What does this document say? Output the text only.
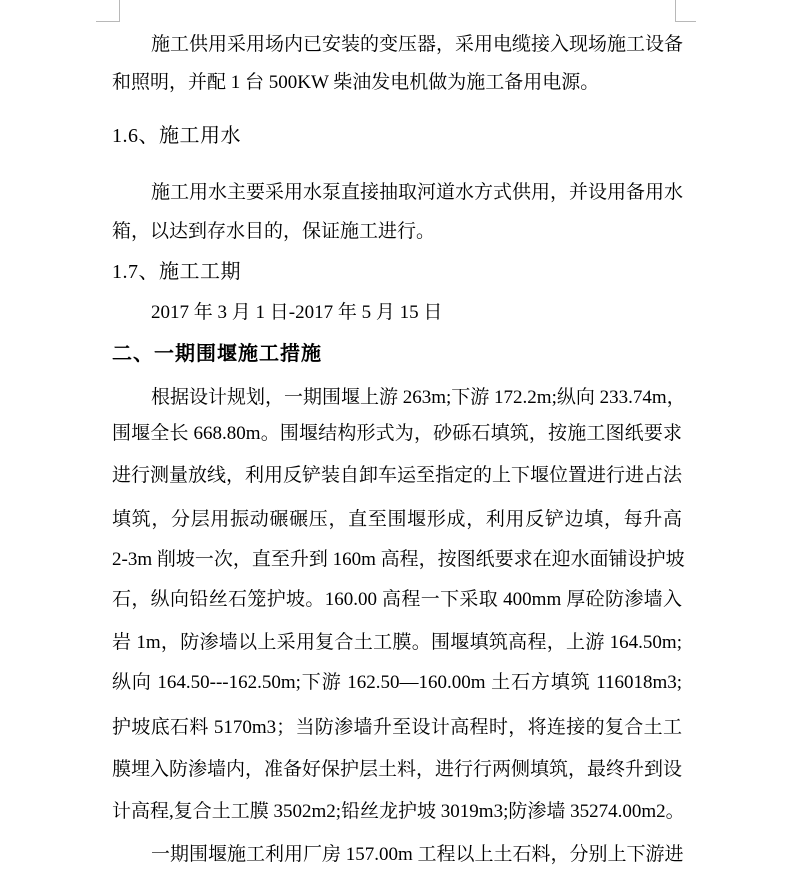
施工供用采用场内已安装的变压器，采用电缆接入现场施工设备
和照明，并配 1 台 500KW 柴油发电机做为施工备用电源。
1.6、施工用水
施工用水主要采用水泵直接抽取河道水方式供用，并设用备用水
箱，以达到存水目的，保证施工进行。
1.7、施工工期
2017 年 3 月 1 日-2017 年 5 月 15 日
二、一期围堰施工措施
根据设计规划，一期围堰上游 263m;下游 172.2m;纵向 233.74m，
围堰全长 668.80m。围堰结构形式为，砂砾石填筑，按施工图纸要求
进行测量放线，利用反铲装自卸车运至指定的上下堰位置进行进占法
填筑，分层用振动碾碾压，直至围堰形成，利用反铲边填，每升高
2-3m 削坡一次，直至升到 160m 高程，按图纸要求在迎水面铺设护坡
石，纵向铅丝石笼护坡。160.00 高程一下采取 400mm 厚砼防渗墙入
岩 1m，防渗墙以上采用复合土工膜。围堰填筑高程，上游 164.50m;
纵向 164.50---162.50m;下游 162.50—160.00m 土石方填筑 116018m3;
护坡底石料 5170m3；当防渗墙升至设计高程时，将连接的复合土工
膜埋入防渗墙内，准备好保护层土料，进行行两侧填筑，最终升到设
计高程,复合土工膜 3502m2;铅丝龙护坡 3019m3;防渗墙 35274.00m2。
一期围堰施工利用厂房 157.00m 工程以上土石料，分别上下游进
